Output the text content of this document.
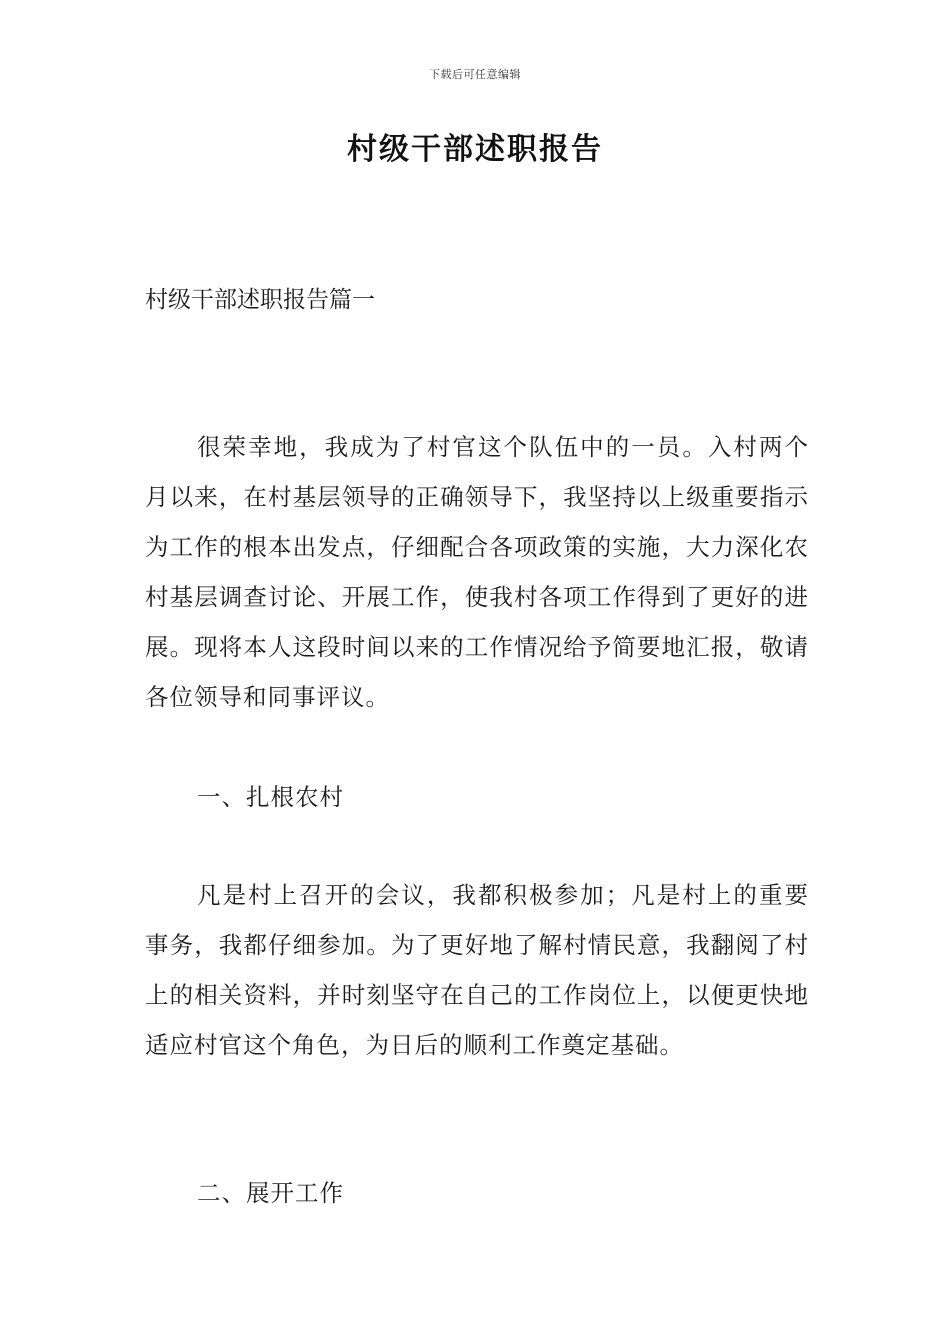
下载后可任意编辑
村级干部述职报告
村级干部述职报告篇一

很荣幸地，我成为了村官这个队伍中的一员。入村两个月以来，在村基层领导的正确领导下，我坚持以上级重要指示为工作的根本出发点，仔细配合各项政策的实施，大力深化农村基层调查讨论、开展工作，使我村各项工作得到了更好的进展。现将本人这段时间以来的工作情况给予简要地汇报，敬请各位领导和同事评议。

一、扎根农村

凡是村上召开的会议，我都积极参加；凡是村上的重要事务，我都仔细参加。为了更好地了解村情民意，我翻阅了村上的相关资料，并时刻坚守在自己的工作岗位上，以便更快地适应村官这个角色，为日后的顺利工作奠定基础。

二、展开工作
